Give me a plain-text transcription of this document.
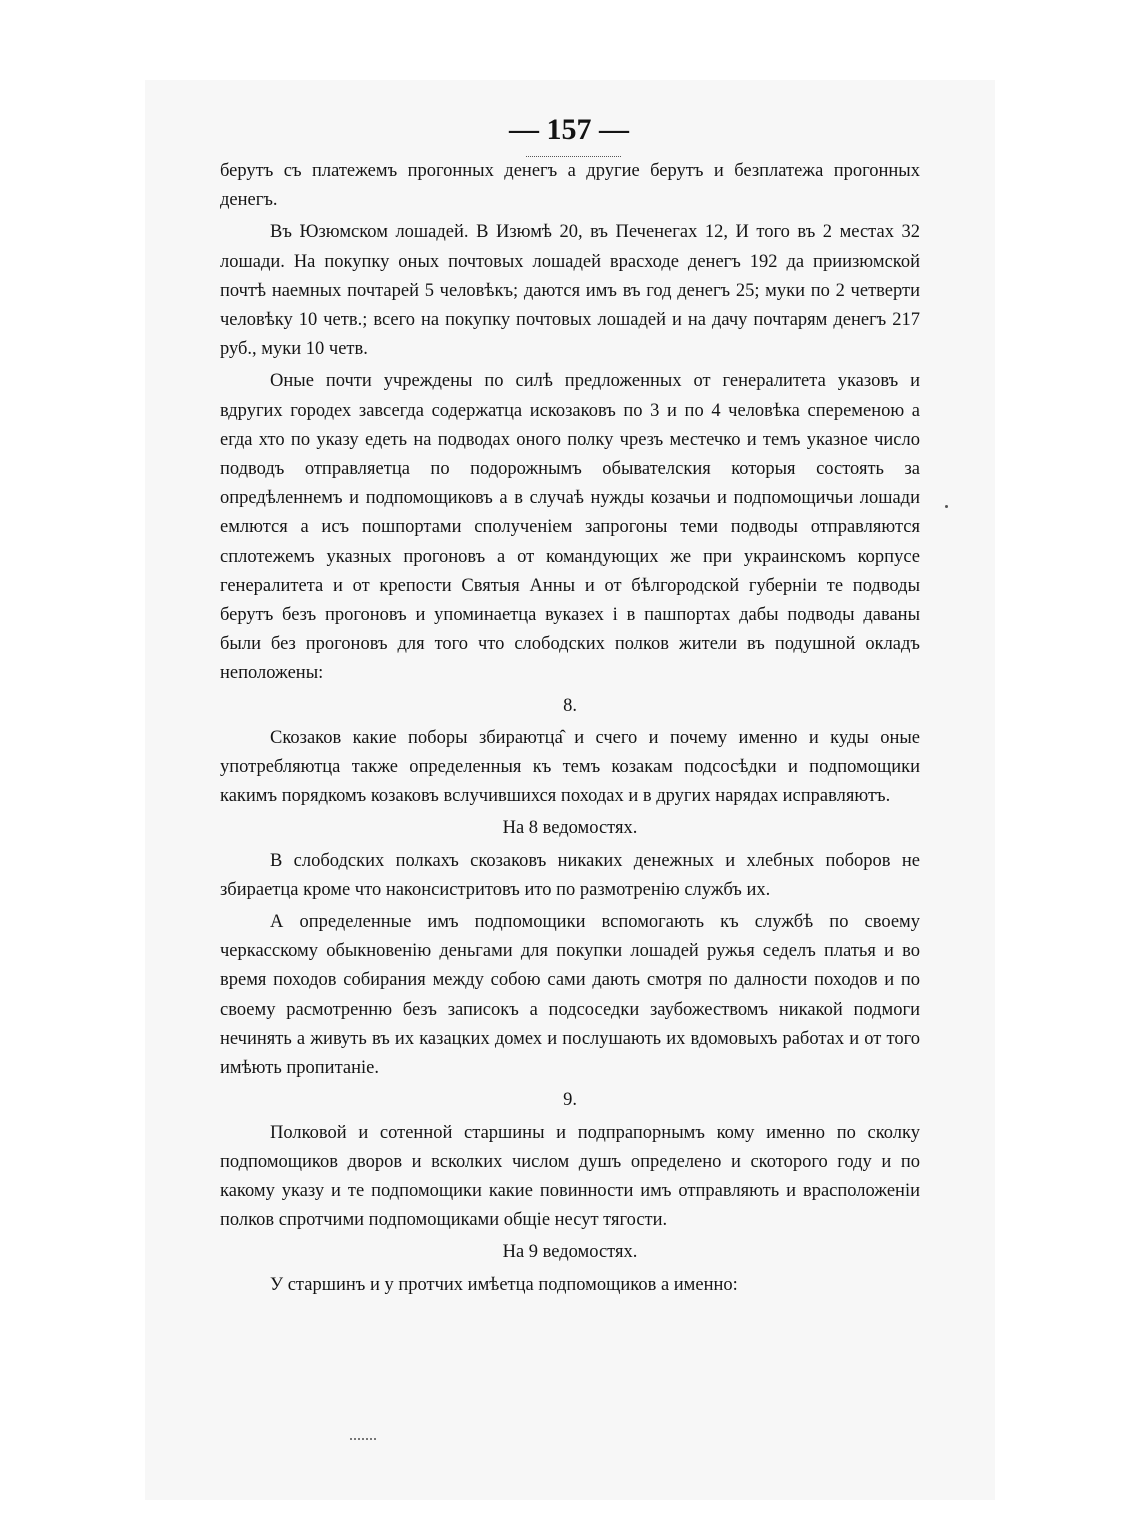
— 157 —

берутъ съ платежемъ прогонных денегъ а другие берутъ и безплатежа прогонных денегъ.

Въ Юзюмском лошадей. В Изюмѣ 20, въ Печенегах 12, И того въ 2 местах 32 лошади. На покупку оных почтовых лошадей врасходе денегъ 192 да приизюмской почтѣ наемных почтарей 5 человѣкъ; даются имъ въ год денегъ 25; муки по 2 четверти человѣку 10 четв.; всего на покупку почтовых лошадей и на дачу почтарям денегъ 217 руб., муки 10 четв.

Оные почти учреждены по силѣ предложенных от генералитета указовъ и вдругих городех завсегда содержатца искозаковъ по 3 и по 4 человѣка спеременою а егда хто по указу едеть на подводах оного полку чрезъ местечко и темъ указное число подводъ отправляетца по подорожнымъ обывателския которыя состоять за опредѣленнемъ и подпомощиковъ а в случаѣ нужды козачьи и подпомощичьи лошади емлются а исъ пошпортами сполученіем запрогоны теми подводы отправляются сплотежемъ указных прогоновъ а от командующих же при украинскомъ корпусе генералитета и от крепости Святыя Анны и от бѣлгородской губерніи те подводы берутъ безъ прогоновъ и упоминаетца вуказех і в пашпортах дабы подводы даваны были без прогоновъ для того что слободских полков жители въ подушной окладъ неположены:

8.

Скозаков какие поборы збираютца̂ и счего и почему именно и куды оные употребляютца также определенныя къ темъ козакам подсосѣдки и подпомощики какимъ порядкомъ козаковъ вслучившихся походах и в других нарядах исправляютъ.

На 8 ведомостях.

В слободских полкахъ скозаковъ никаких денежных и хлебных поборов не збираетца кроме что наконсистритовъ ито по размотренію службъ их.

А определенные имъ подпомощики вспомогають къ службѣ по своему черкасскому обыкновенію деньгами для покупки лошадей ружья седелъ платья и во время походов собирания между собою сами дають смотря по далности походов и по своему расмотренню безъ записокъ а подсоседки заубожествомъ никакой подмоги нечинять а живуть въ их казацких домех и послушають их вдомовыхъ работах и от того имѣють пропитаніе.

9.

Полковой и сотенной старшины и подпрапорнымъ кому именно по сколку подпомощиков дворов и всколких числом душъ определено и скоторого году и по какому указу и те подпомощики какие повинности имъ отправляють и врасположеніи полков спротчими подпомощиками общіе несут тягости.

На 9 ведомостях.

У старшинъ и у протчих имѣетца подпомощиков а именно:
